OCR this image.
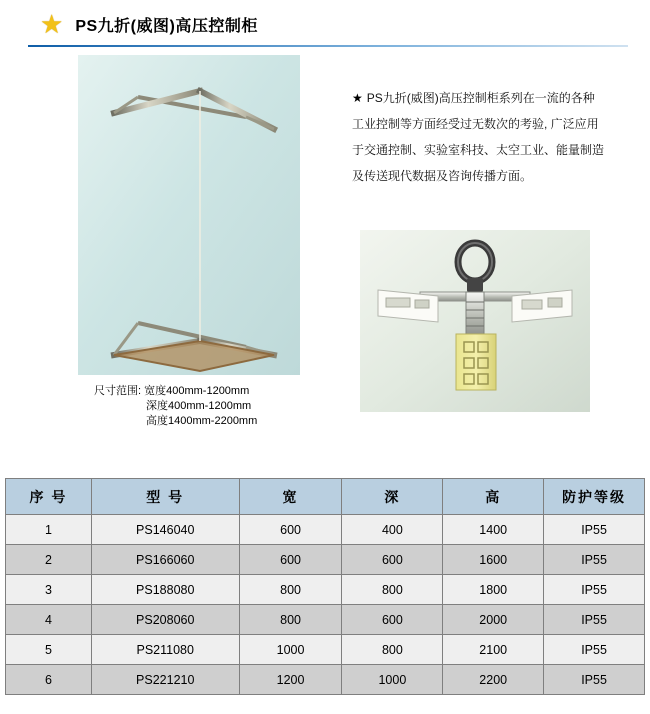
★ PS九折(威图)高压控制柜
尺寸范围: 宽度400mm-1200mm
深度400mm-1200mm
高度1400mm-2200mm
★ PS九折(威图)高压控制柜系列在一流的各种
工业控制等方面经受过无数次的考验, 广泛应用
于交通控制、实验室科技、太空工业、能量制造
及传送现代数据及咨询传播方面。
序 号	型 号	宽	深	高	防护等级
1	PS146040	600	400	1400	IP55
2	PS166060	600	600	1600	IP55
3	PS188080	800	800	1800	IP55
4	PS208060	800	600	2000	IP55
5	PS211080	1000	800	2100	IP55
6	PS221210	1200	1000	2200	IP55
